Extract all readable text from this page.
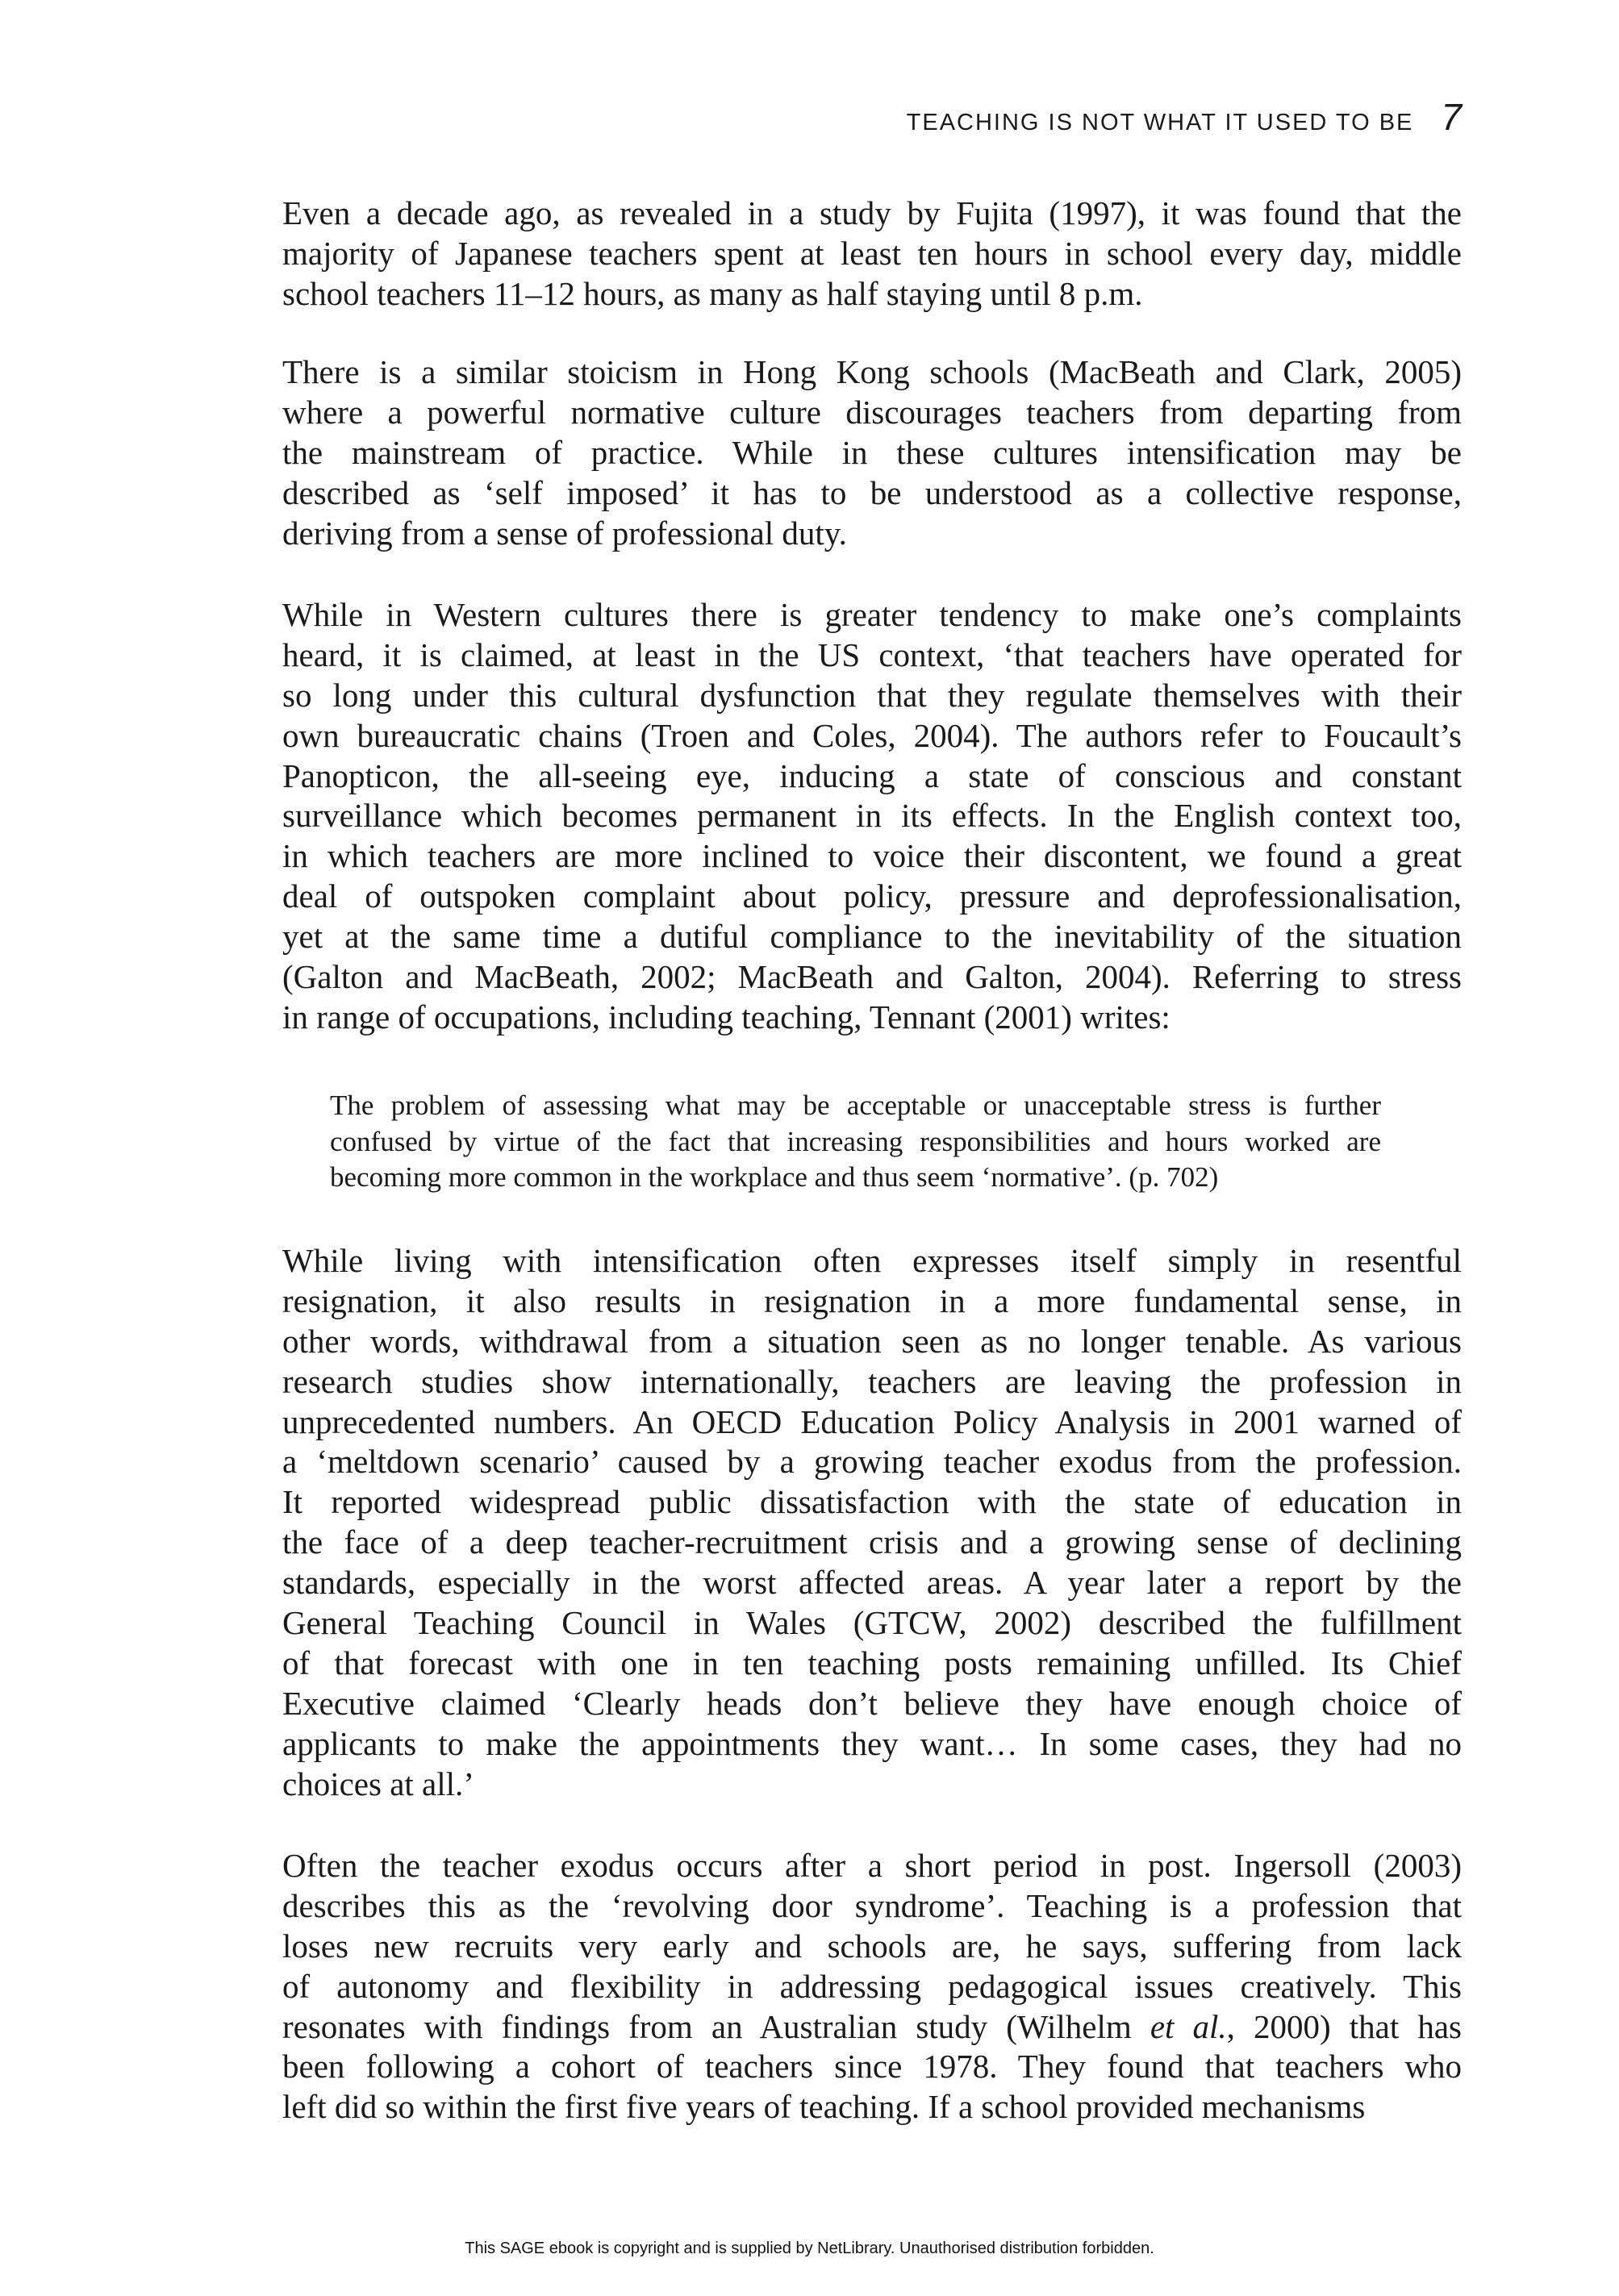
TEACHING IS NOT WHAT IT USED TO BE 7
Even a decade ago, as revealed in a study by Fujita (1997), it was found that the
majority of Japanese teachers spent at least ten hours in school every day, middle
school teachers 11–12 hours, as many as half staying until 8 p.m.
There is a similar stoicism in Hong Kong schools (MacBeath and Clark, 2005)
where a powerful normative culture discourages teachers from departing from
the mainstream of practice. While in these cultures intensification may be
described as ‘self imposed’ it has to be understood as a collective response,
deriving from a sense of professional duty.
While in Western cultures there is greater tendency to make one’s complaints
heard, it is claimed, at least in the US context, ‘that teachers have operated for
so long under this cultural dysfunction that they regulate themselves with their
own bureaucratic chains (Troen and Coles, 2004). The authors refer to Foucault’s
Panopticon, the all-seeing eye, inducing a state of conscious and constant
surveillance which becomes permanent in its effects. In the English context too,
in which teachers are more inclined to voice their discontent, we found a great
deal of outspoken complaint about policy, pressure and deprofessionalisation,
yet at the same time a dutiful compliance to the inevitability of the situation
(Galton and MacBeath, 2002; MacBeath and Galton, 2004). Referring to stress
in range of occupations, including teaching, Tennant (2001) writes:
The problem of assessing what may be acceptable or unacceptable stress is further
confused by virtue of the fact that increasing responsibilities and hours worked are
becoming more common in the workplace and thus seem ‘normative’. (p. 702)
While living with intensification often expresses itself simply in resentful
resignation, it also results in resignation in a more fundamental sense, in
other words, withdrawal from a situation seen as no longer tenable. As various
research studies show internationally, teachers are leaving the profession in
unprecedented numbers. An OECD Education Policy Analysis in 2001 warned of
a ‘meltdown scenario’ caused by a growing teacher exodus from the profession.
It reported widespread public dissatisfaction with the state of education in
the face of a deep teacher-recruitment crisis and a growing sense of declining
standards, especially in the worst affected areas. A year later a report by the
General Teaching Council in Wales (GTCW, 2002) described the fulfillment
of that forecast with one in ten teaching posts remaining unfilled. Its Chief
Executive claimed ‘Clearly heads don’t believe they have enough choice of
applicants to make the appointments they want… In some cases, they had no
choices at all.’
Often the teacher exodus occurs after a short period in post. Ingersoll (2003)
describes this as the ‘revolving door syndrome’. Teaching is a profession that
loses new recruits very early and schools are, he says, suffering from lack
of autonomy and flexibility in addressing pedagogical issues creatively. This
resonates with findings from an Australian study (Wilhelm et al., 2000) that has
been following a cohort of teachers since 1978. They found that teachers who
left did so within the first five years of teaching. If a school provided mechanisms
This SAGE ebook is copyright and is supplied by NetLibrary. Unauthorised distribution forbidden.
